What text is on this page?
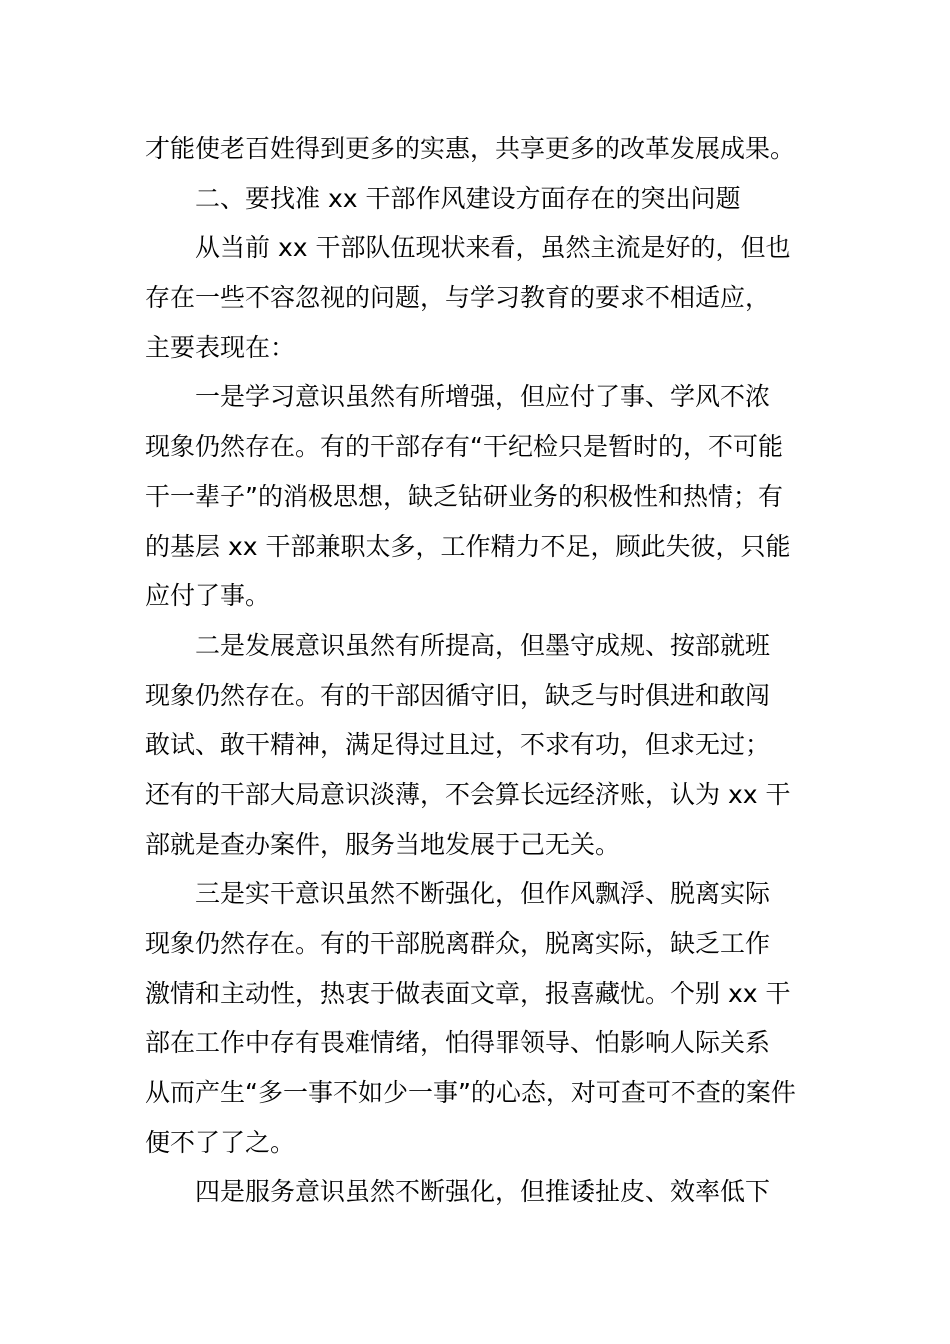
才能使老百姓得到更多的实惠，共享更多的改革发展成果。
二、要找准 xx 干部作风建设方面存在的突出问题
从当前 xx 干部队伍现状来看，虽然主流是好的，但也
存在一些不容忽视的问题，与学习教育的要求不相适应，
主要表现在：
一是学习意识虽然有所增强，但应付了事、学风不浓
现象仍然存在。有的干部存有“干纪检只是暂时的，不可能
干一辈子”的消极思想，缺乏钻研业务的积极性和热情；有
的基层 xx 干部兼职太多，工作精力不足，顾此失彼，只能
应付了事。
二是发展意识虽然有所提高，但墨守成规、按部就班
现象仍然存在。有的干部因循守旧，缺乏与时俱进和敢闯
敢试、敢干精神，满足得过且过，不求有功，但求无过；
还有的干部大局意识淡薄，不会算长远经济账，认为 xx 干
部就是查办案件，服务当地发展于己无关。
三是实干意识虽然不断强化，但作风飘浮、脱离实际
现象仍然存在。有的干部脱离群众，脱离实际，缺乏工作
激情和主动性，热衷于做表面文章，报喜藏忧。个别 xx 干
部在工作中存有畏难情绪，怕得罪领导、怕影响人际关系
从而产生“多一事不如少一事”的心态，对可查可不查的案件
便不了了之。
四是服务意识虽然不断强化，但推诿扯皮、效率低下
